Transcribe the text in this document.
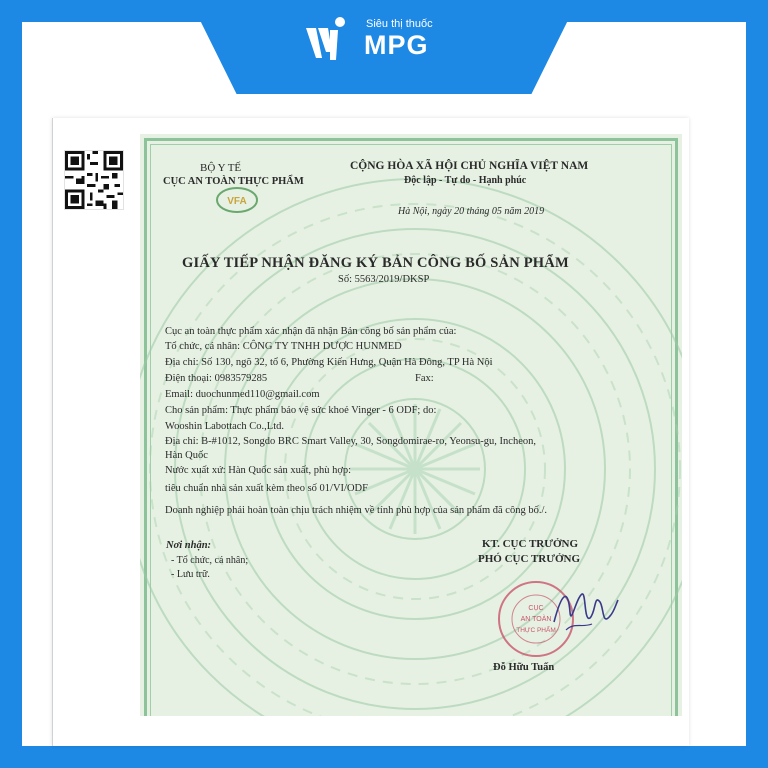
Siêu thị thuốc
MPG
BỘ Y TẾ
CỤC AN TOÀN THỰC PHẨM
VFA
CỘNG HÒA XÃ HỘI CHỦ NGHĨA VIỆT NAM
Độc lập - Tự do - Hạnh phúc
Hà Nội, ngày 20 tháng 05 năm 2019
GIẤY TIẾP NHẬN ĐĂNG KÝ BẢN CÔNG BỐ SẢN PHẨM
Số: 5563/2019/DKSP
Cục an toàn thực phẩm xác nhận đã nhận Bản công bố sản phẩm của:
Tổ chức, cá nhân: CÔNG TY TNHH DƯỢC HUNMED
Địa chỉ: Số 130, ngõ 32, tổ 6, Phường Kiến Hưng, Quận Hà Đông, TP Hà Nội
Điện thoại: 0983579285	Fax:
Email: duochunmed110@gmail.com
Cho sản phẩm: Thực phẩm bảo vệ sức khoẻ Vinger - 6 ODF; do:
Wooshin Labottach Co.,Ltd.
Địa chỉ: B-#1012, Songdo BRC Smart Valley, 30, Songdomirae-ro, Yeonsu-gu, Incheon,
Hàn Quốc
Nước xuất xứ: Hàn Quốc sản xuất, phù hợp:
tiêu chuẩn nhà sản xuất kèm theo số 01/VI/ODF
Doanh nghiệp phải hoàn toàn chịu trách nhiệm về tính phù hợp của sản phẩm đã công bố./.
Nơi nhận:
- Tổ chức, cá nhân;
- Lưu trữ.
KT. CỤC TRƯỞNG
PHÓ CỤC TRƯỞNG
CỤC
AN TOÀN
THỰC PHẨM
Đỗ Hữu Tuấn
